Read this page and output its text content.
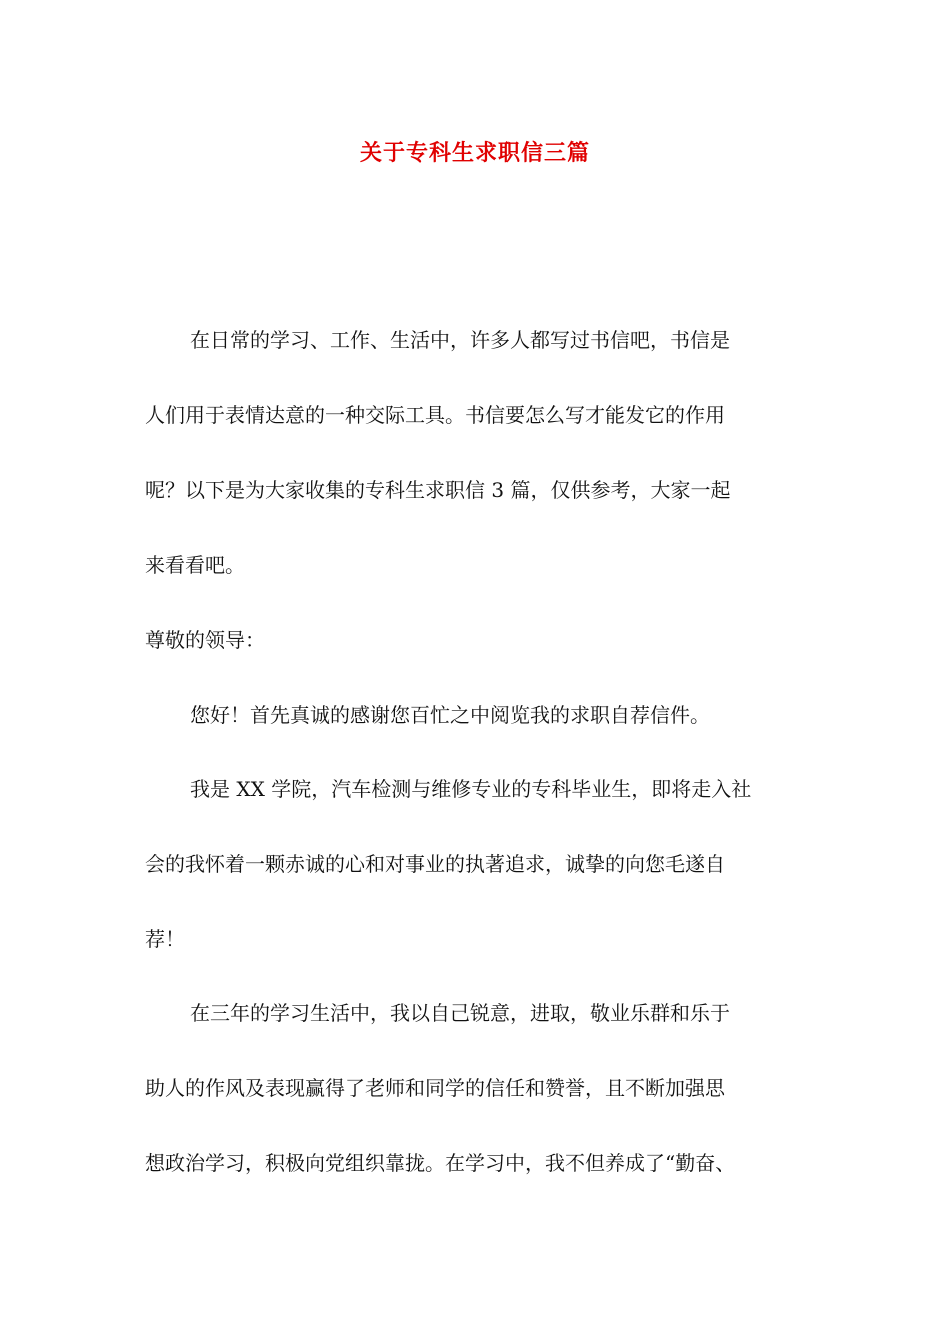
关于专科生求职信三篇

在日常的学习、工作、生活中，许多人都写过书信吧，书信是

人们用于表情达意的一种交际工具。书信要怎么写才能发它的作用

呢？以下是为大家收集的专科生求职信 3 篇，仅供参考，大家一起

来看看吧。

尊敬的领导：

您好！首先真诚的感谢您百忙之中阅览我的求职自荐信件。

我是 XX 学院，汽车检测与维修专业的专科毕业生，即将走入社

会的我怀着一颗赤诚的心和对事业的执著追求，诚挚的向您毛遂自

荐！

在三年的学习生活中，我以自己锐意，进取，敬业乐群和乐于

助人的作风及表现赢得了老师和同学的信任和赞誉，且不断加强思

想政治学习，积极向党组织靠拢。在学习中，我不但养成了“勤奋、
